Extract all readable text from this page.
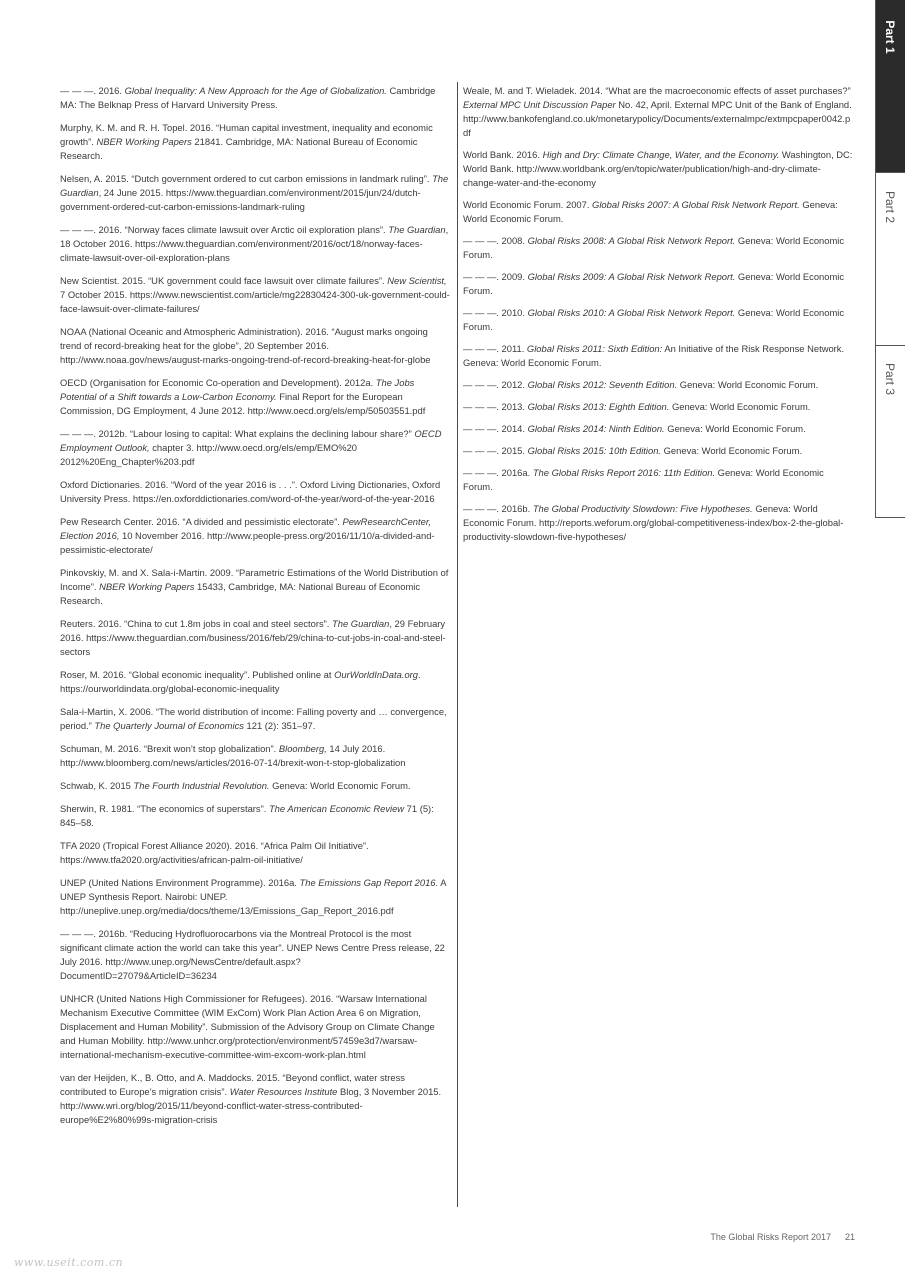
Part 1
Part 2
Part 3

— — —. 2016. Global Inequality: A New Approach for the Age of Globalization. Cambridge MA: The Belknap Press of Harvard University Press.

Murphy, K. M. and R. H. Topel. 2016. “Human capital investment, inequality and economic growth”. NBER Working Papers 21841. Cambridge, MA: National Bureau of Economic Research.

Nelsen, A. 2015. “Dutch government ordered to cut carbon emissions in landmark ruling”. The Guardian, 24 June 2015. https://www.theguardian.com/environment/2015/jun/24/dutch-government-ordered-cut-carbon-emissions-landmark-ruling

— — —. 2016. “Norway faces climate lawsuit over Arctic oil exploration plans”. The Guardian, 18 October 2016. https://www.theguardian.com/environment/2016/oct/18/norway-faces-climate-lawsuit-over-oil-exploration-plans

New Scientist. 2015. “UK government could face lawsuit over climate failures”. New Scientist, 7 October 2015. https://www.newscientist.com/article/mg22830424-300-uk-government-could-face-lawsuit-over-climate-failures/

NOAA (National Oceanic and Atmospheric Administration). 2016. “August marks ongoing trend of record-breaking heat for the globe”, 20 September 2016. http://www.noaa.gov/news/august-marks-ongoing-trend-of-record-breaking-heat-for-globe

OECD (Organisation for Economic Co-operation and Development). 2012a. The Jobs Potential of a Shift towards a Low-Carbon Economy. Final Report for the European Commission, DG Employment, 4 June 2012. http://www.oecd.org/els/emp/50503551.pdf

— — —. 2012b. “Labour losing to capital: What explains the declining labour share?” OECD Employment Outlook, chapter 3. http://www.oecd.org/els/emp/EMO%20 2012%20Eng_Chapter%203.pdf

Oxford Dictionaries. 2016. “Word of the year 2016 is . . .”. Oxford Living Dictionaries, Oxford University Press. https://en.oxforddictionaries.com/word-of-the-year/word-of-the-year-2016

Pew Research Center. 2016. “A divided and pessimistic electorate”. PewResearchCenter, Election 2016, 10 November 2016. http://www.people-press.org/2016/11/10/a-divided-and-pessimistic-electorate/

Pinkovskiy, M. and X. Sala-i-Martin. 2009. “Parametric Estimations of the World Distribution of Income”. NBER Working Papers 15433, Cambridge, MA: National Bureau of Economic Research.

Reuters. 2016. “China to cut 1.8m jobs in coal and steel sectors”. The Guardian, 29 February 2016. https://www.theguardian.com/business/2016/feb/29/china-to-cut-jobs-in-coal-and-steel-sectors

Roser, M. 2016. “Global economic inequality”. Published online at OurWorldInData.org. https://ourworldindata.org/global-economic-inequality

Sala-i-Martin, X. 2006. “The world distribution of income: Falling poverty and … convergence, period.” The Quarterly Journal of Economics 121 (2): 351–97.

Schuman, M. 2016. “Brexit won’t stop globalization”. Bloomberg, 14 July 2016. http://www.bloomberg.com/news/articles/2016-07-14/brexit-won-t-stop-globalization

Schwab, K. 2015 The Fourth Industrial Revolution. Geneva: World Economic Forum.

Sherwin, R. 1981. “The economics of superstars”. The American Economic Review 71 (5): 845–58.

TFA 2020 (Tropical Forest Alliance 2020). 2016. “Africa Palm Oil Initiative”. https://www.tfa2020.org/activities/african-palm-oil-initiative/

UNEP (United Nations Environment Programme). 2016a. The Emissions Gap Report 2016. A UNEP Synthesis Report. Nairobi: UNEP. http://uneplive.unep.org/media/docs/theme/13/Emissions_Gap_Report_2016.pdf

— — —. 2016b. “Reducing Hydrofluorocarbons via the Montreal Protocol is the most significant climate action the world can take this year”. UNEP News Centre Press release, 22 July 2016. http://www.unep.org/NewsCentre/default.aspx?DocumentID=27079&ArticleID=36234

UNHCR (United Nations High Commissioner for Refugees). 2016. “Warsaw International Mechanism Executive Committee (WIM ExCom) Work Plan Action Area 6 on Migration, Displacement and Human Mobility”. Submission of the Advisory Group on Climate Change and Human Mobility. http://www.unhcr.org/protection/environment/57459e3d7/warsaw-international-mechanism-executive-committee-wim-excom-work-plan.html

van der Heijden, K., B. Otto, and A. Maddocks. 2015. “Beyond conflict, water stress contributed to Europe’s migration crisis”. Water Resources Institute Blog, 3 November 2015. http://www.wri.org/blog/2015/11/beyond-conflict-water-stress-contributed-europe%E2%80%99s-migration-crisis

Weale, M. and T. Wieladek. 2014. “What are the macroeconomic effects of asset purchases?” External MPC Unit Discussion Paper No. 42, April. External MPC Unit of the Bank of England. http://www.bankofengland.co.uk/monetarypolicy/Documents/externalmpc/extmpcpaper0042.pdf

World Bank. 2016. High and Dry: Climate Change, Water, and the Economy. Washington, DC: World Bank. http://www.worldbank.org/en/topic/water/publication/high-and-dry-climate-change-water-and-the-economy

World Economic Forum. 2007. Global Risks 2007: A Global Risk Network Report. Geneva: World Economic Forum.

— — —. 2008. Global Risks 2008: A Global Risk Network Report. Geneva: World Economic Forum.

— — —. 2009. Global Risks 2009: A Global Risk Network Report. Geneva: World Economic Forum.

— — —. 2010. Global Risks 2010: A Global Risk Network Report. Geneva: World Economic Forum.

— — —. 2011. Global Risks 2011: Sixth Edition: An Initiative of the Risk Response Network. Geneva: World Economic Forum.

— — —. 2012. Global Risks 2012: Seventh Edition. Geneva: World Economic Forum.

— — —. 2013. Global Risks 2013: Eighth Edition. Geneva: World Economic Forum.

— — —. 2014. Global Risks 2014: Ninth Edition. Geneva: World Economic Forum.

— — —. 2015. Global Risks 2015: 10th Edition. Geneva: World Economic Forum.

— — —. 2016a. The Global Risks Report 2016: 11th Edition. Geneva: World Economic Forum.

— — —. 2016b. The Global Productivity Slowdown: Five Hypotheses. Geneva: World Economic Forum. http://reports.weforum.org/global-competitiveness-index/box-2-the-global-productivity-slowdown-five-hypotheses/

The Global Risks Report 2017 21
www.useit.com.cn
